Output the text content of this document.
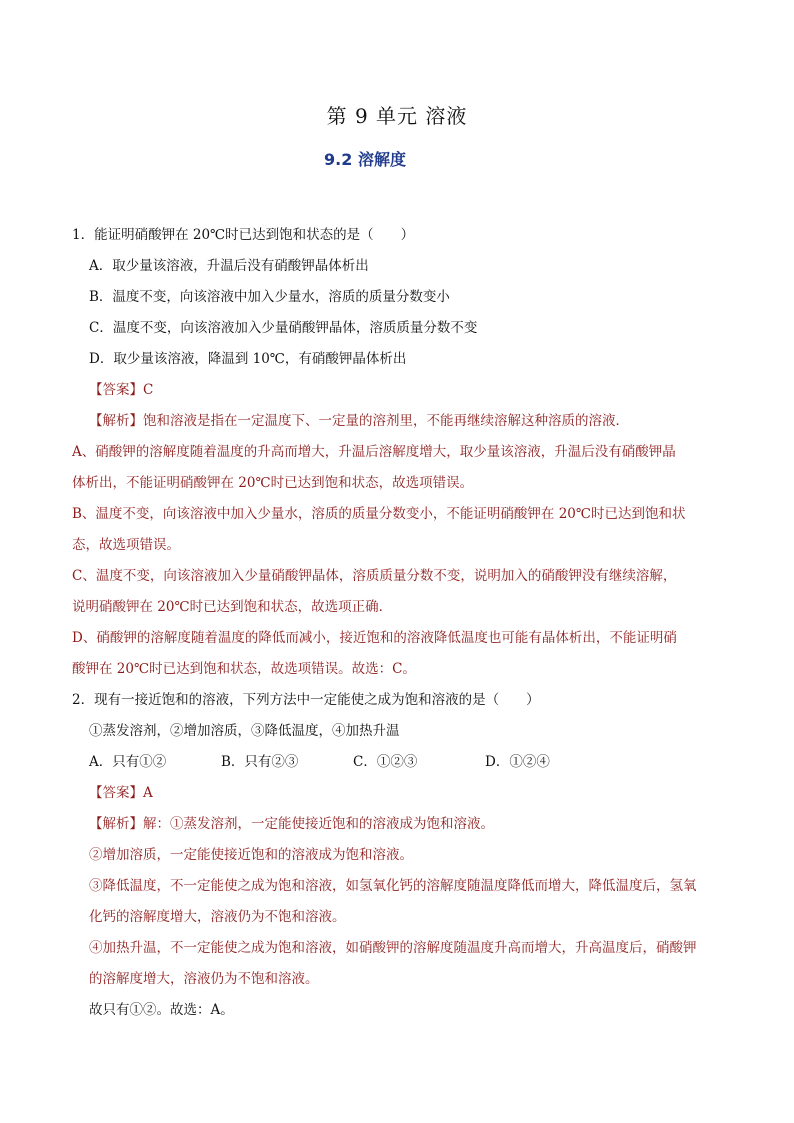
第 9 单元 溶液
9.2 溶解度
1．能证明硝酸钾在 20℃时已达到饱和状态的是（　　）
A．取少量该溶液，升温后没有硝酸钾晶体析出
B．温度不变，向该溶液中加入少量水，溶质的质量分数变小
C．温度不变，向该溶液加入少量硝酸钾晶体，溶质质量分数不变
D．取少量该溶液，降温到 10℃，有硝酸钾晶体析出
【答案】C
【解析】饱和溶液是指在一定温度下、一定量的溶剂里，不能再继续溶解这种溶质的溶液．
A、硝酸钾的溶解度随着温度的升高而增大，升温后溶解度增大，取少量该溶液，升温后没有硝酸钾晶
体析出，不能证明硝酸钾在 20℃时已达到饱和状态，故选项错误。
B、温度不变，向该溶液中加入少量水，溶质的质量分数变小，不能证明硝酸钾在 20℃时已达到饱和状
态，故选项错误。
C、温度不变，向该溶液加入少量硝酸钾晶体，溶质质量分数不变，说明加入的硝酸钾没有继续溶解，
说明硝酸钾在 20℃时已达到饱和状态，故选项正确．
D、硝酸钾的溶解度随着温度的降低而减小，接近饱和的溶液降低温度也可能有晶体析出，不能证明硝
酸钾在 20℃时已达到饱和状态，故选项错误。故选：C。
2．现有一接近饱和的溶液，下列方法中一定能使之成为饱和溶液的是（　　）
①蒸发溶剂，②增加溶质，③降低温度，④加热升温
A．只有①②	B．只有②③	C．①②③	D．①②④
【答案】A
【解析】解：①蒸发溶剂，一定能使接近饱和的溶液成为饱和溶液。
②增加溶质，一定能使接近饱和的溶液成为饱和溶液。
③降低温度，不一定能使之成为饱和溶液，如氢氧化钙的溶解度随温度降低而增大，降低温度后，氢氧
化钙的溶解度增大，溶液仍为不饱和溶液。
④加热升温，不一定能使之成为饱和溶液，如硝酸钾的溶解度随温度升高而增大，升高温度后，硝酸钾
的溶解度增大，溶液仍为不饱和溶液。
故只有①②。故选：A。
